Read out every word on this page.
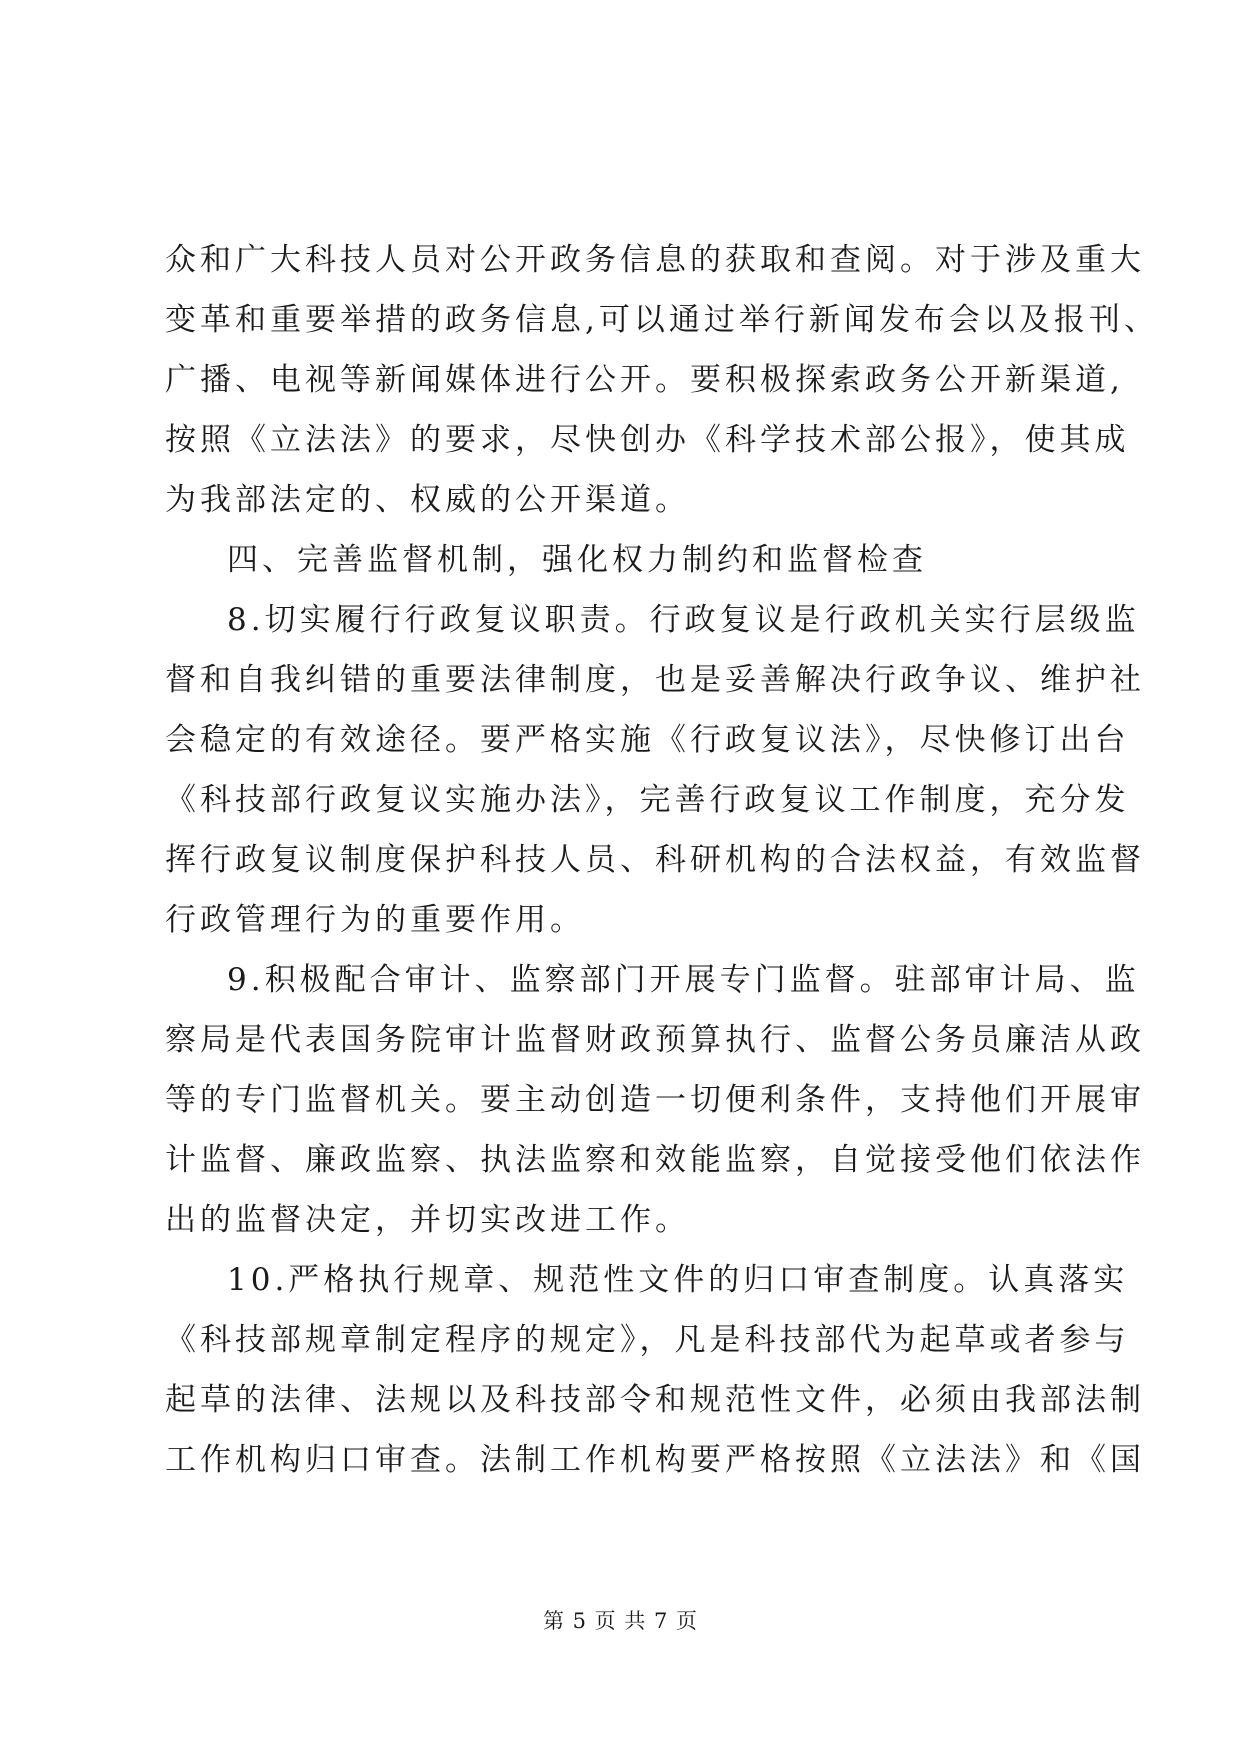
众和广大科技人员对公开政务信息的获取和查阅。对于涉及重大
变革和重要举措的政务信息,可以通过举行新闻发布会以及报刊、
广播、电视等新闻媒体进行公开。要积极探索政务公开新渠道,
按照《立法法》的要求，尽快创办《科学技术部公报》，使其成
为我部法定的、权威的公开渠道。
四、完善监督机制，强化权力制约和监督检查
8.切实履行行政复议职责。行政复议是行政机关实行层级监
督和自我纠错的重要法律制度，也是妥善解决行政争议、维护社
会稳定的有效途径。要严格实施《行政复议法》，尽快修订出台
《科技部行政复议实施办法》，完善行政复议工作制度，充分发
挥行政复议制度保护科技人员、科研机构的合法权益，有效监督
行政管理行为的重要作用。
9.积极配合审计、监察部门开展专门监督。驻部审计局、监
察局是代表国务院审计监督财政预算执行、监督公务员廉洁从政
等的专门监督机关。要主动创造一切便利条件，支持他们开展审
计监督、廉政监察、执法监察和效能监察，自觉接受他们依法作
出的监督决定，并切实改进工作。
10.严格执行规章、规范性文件的归口审查制度。认真落实
《科技部规章制定程序的规定》，凡是科技部代为起草或者参与
起草的法律、法规以及科技部令和规范性文件，必须由我部法制
工作机构归口审查。法制工作机构要严格按照《立法法》和《国
第 5 页 共 7 页
